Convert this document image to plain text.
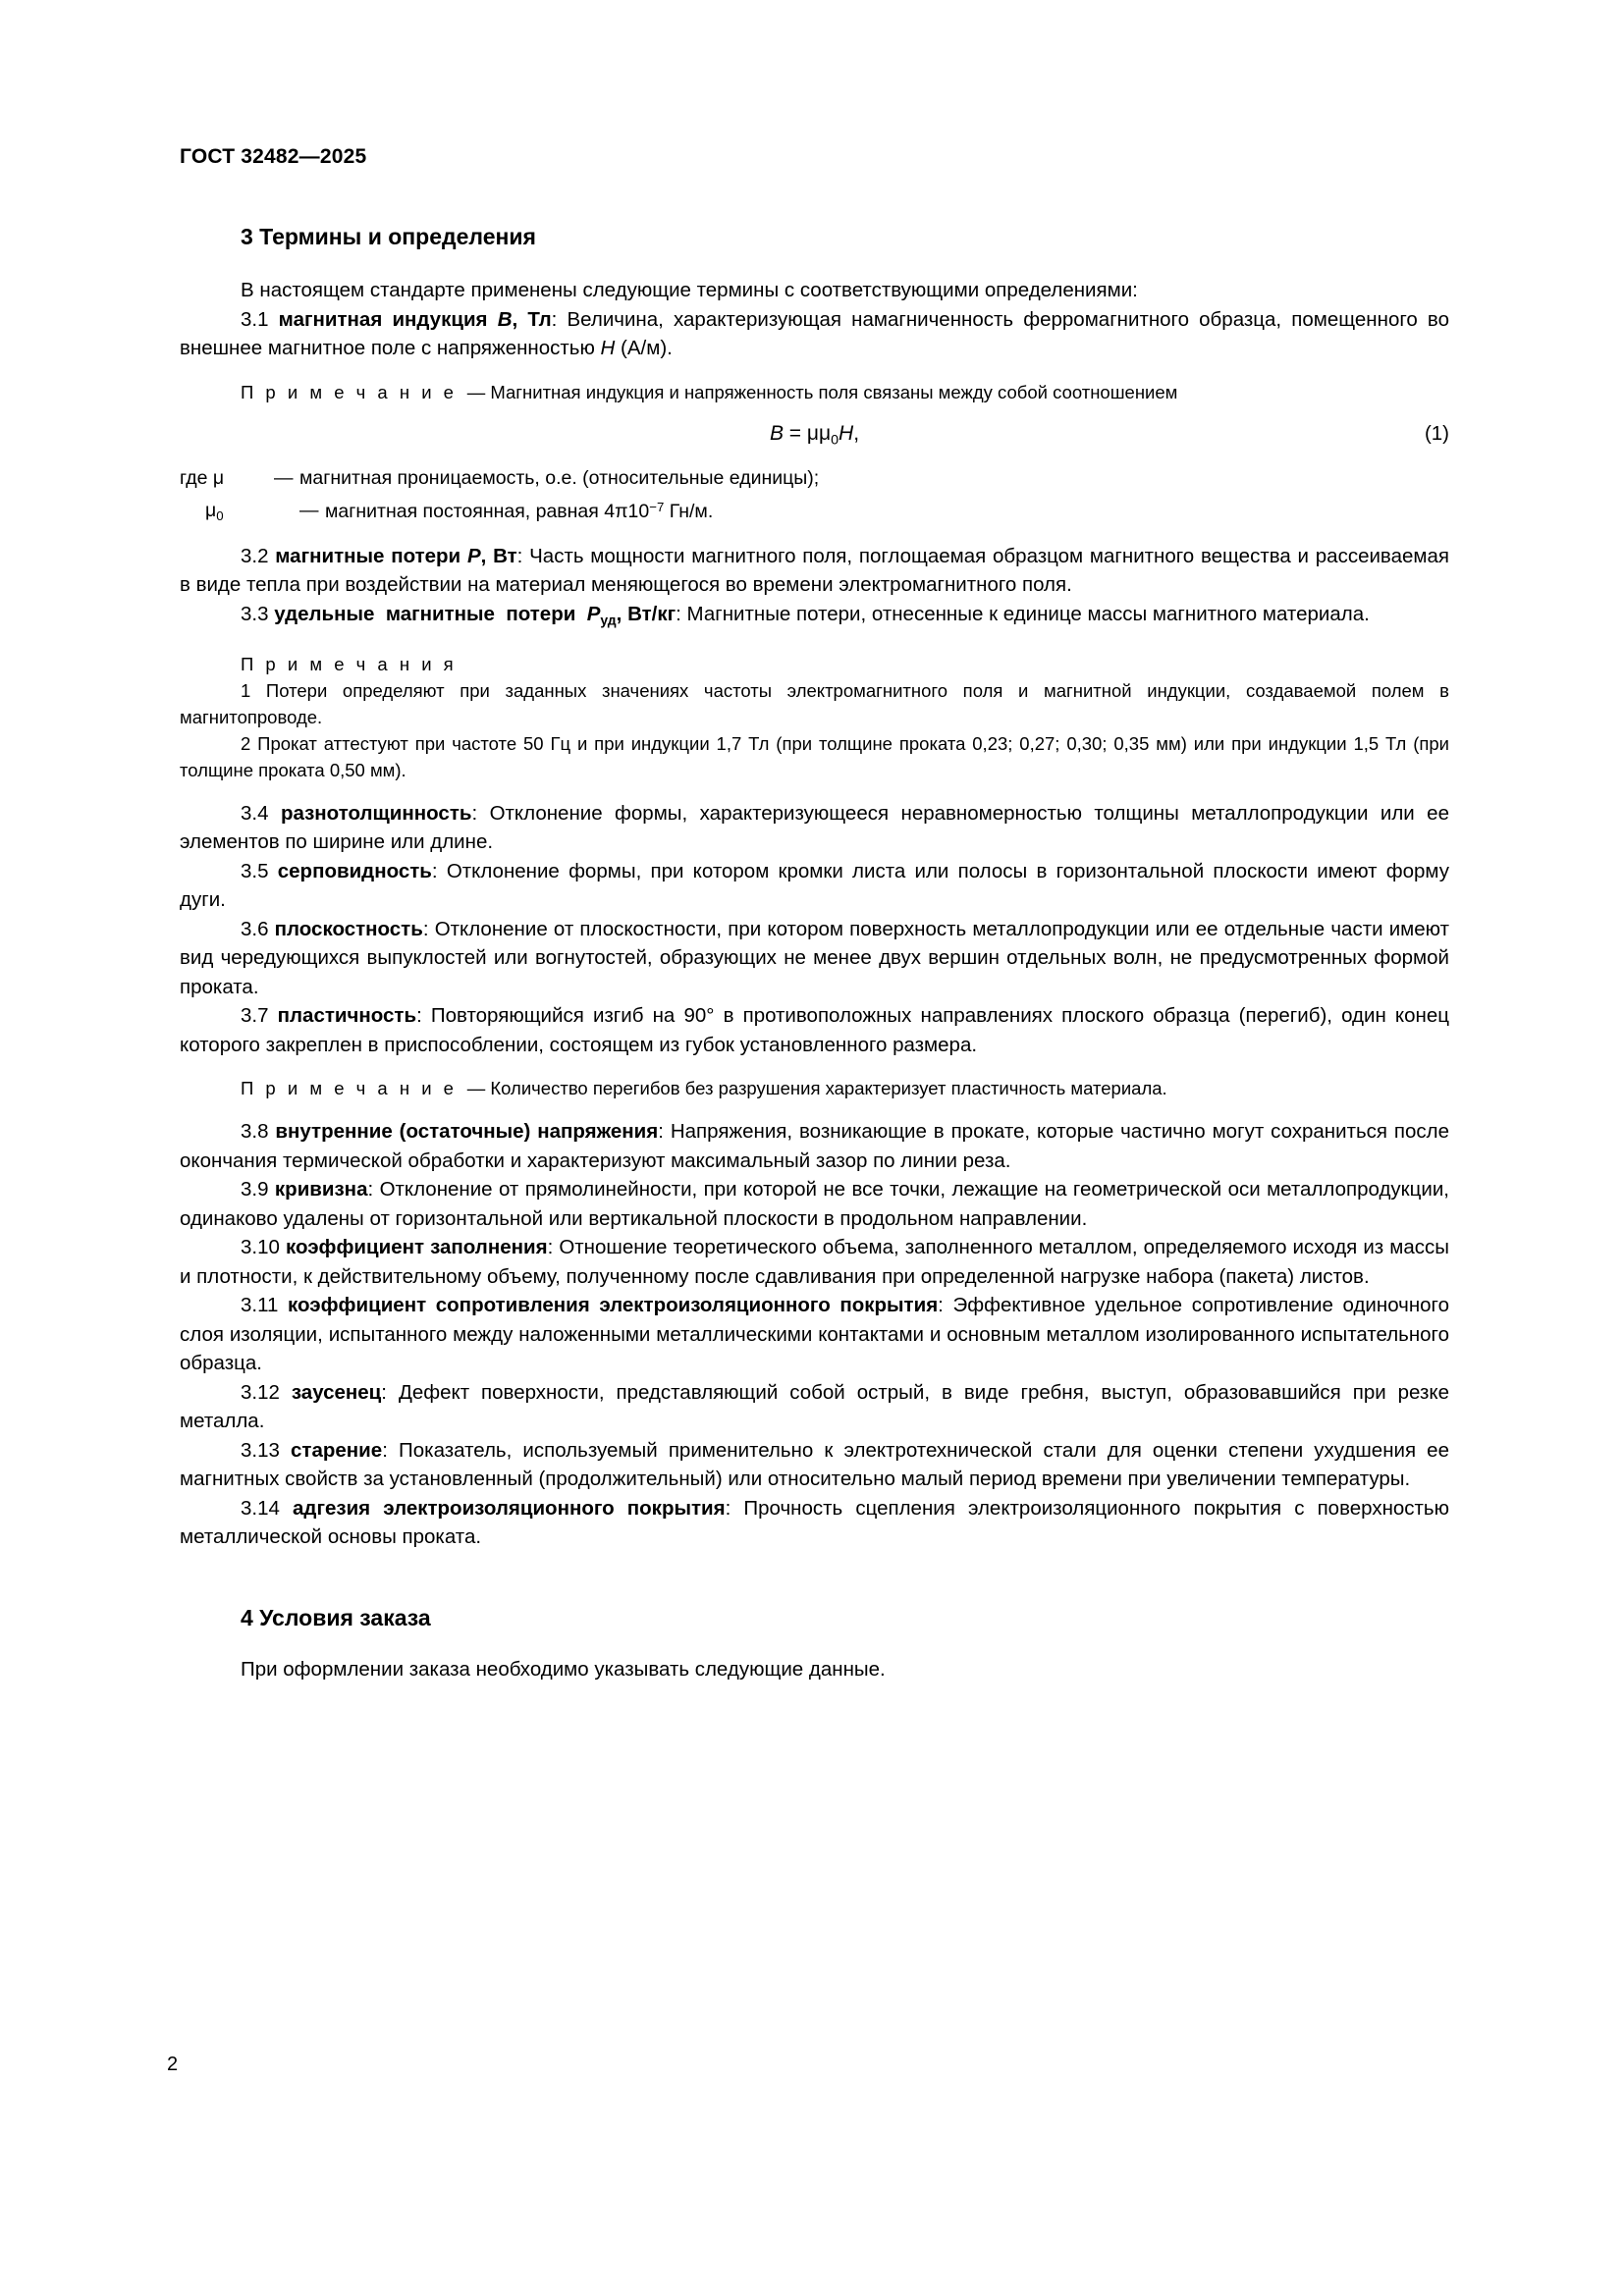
ГОСТ 32482—2025
3 Термины и определения

В настоящем стандарте применены следующие термины с соответствующими определениями:

3.1 магнитная индукция B, Тл: Величина, характеризующая намагниченность ферромагнитного образца, помещенного во внешнее магнитное поле с напряженностью H (А/м).

П р и м е ч а н и е — Магнитная индукция и напряженность поля связаны между собой соотношением

$B = \mu\mu_0H$,	(1)
где μ	— магнитная проницаемость, о.е. (относительные единицы);
$\mu_0$	— магнитная постоянная, равная $4\pi 10^{-7}$ Гн/м.

3.2 магнитные потери P, Вт: Часть мощности магнитного поля, поглощаемая образцом магнитного вещества и рассеиваемая в виде тепла при воздействии на материал меняющегося во времени электромагнитного поля.

3.3 удельные  магнитные  потери  $P_{уд}$, Вт/кг: Магнитные потери, отнесенные к единице массы магнитного материала.

П р и м е ч а н и я

1 Потери определяют при заданных значениях частоты электромагнитного поля и магнитной индукции, создаваемой полем в магнитопроводе.

2 Прокат аттестуют при частоте 50 Гц и при индукции 1,7 Тл (при толщине проката 0,23; 0,27; 0,30; 0,35 мм) или при индукции 1,5 Тл (при толщине проката 0,50 мм).

3.4 разнотолщинность: Отклонение формы, характеризующееся неравномерностью толщины металлопродукции или ее элементов по ширине или длине.

3.5 серповидность: Отклонение формы, при котором кромки листа или полосы в горизонтальной плоскости имеют форму дуги.

3.6 плоскостность: Отклонение от плоскостности, при котором поверхность металлопродукции или ее отдельные части имеют вид чередующихся выпуклостей или вогнутостей, образующих не менее двух вершин отдельных волн, не предусмотренных формой проката.

3.7 пластичность: Повторяющийся изгиб на 90° в противоположных направлениях плоского образца (перегиб), один конец которого закреплен в приспособлении, состоящем из губок установленного размера.

П р и м е ч а н и е — Количество перегибов без разрушения характеризует пластичность материала.

3.8 внутренние (остаточные) напряжения: Напряжения, возникающие в прокате, которые частично могут сохраниться после окончания термической обработки и характеризуют максимальный зазор по линии реза.

3.9 кривизна: Отклонение от прямолинейности, при которой не все точки, лежащие на геометрической оси металлопродукции, одинаково удалены от горизонтальной или вертикальной плоскости в продольном направлении.

3.10 коэффициент заполнения: Отношение теоретического объема, заполненного металлом, определяемого исходя из массы и плотности, к действительному объему, полученному после сдавливания при определенной нагрузке набора (пакета) листов.

3.11 коэффициент сопротивления электроизоляционного покрытия: Эффективное удельное сопротивление одиночного слоя изоляции, испытанного между наложенными металлическими контактами и основным металлом изолированного испытательного образца.

3.12 заусенец: Дефект поверхности, представляющий собой острый, в виде гребня, выступ, образовавшийся при резке металла.

3.13 старение: Показатель, используемый применительно к электротехнической стали для оценки степени ухудшения ее магнитных свойств за установленный (продолжительный) или относительно малый период времени при увеличении температуры.

3.14 адгезия электроизоляционного покрытия: Прочность сцепления электроизоляционного покрытия с поверхностью металлической основы проката.

4 Условия заказа

При оформлении заказа необходимо указывать следующие данные.

2
